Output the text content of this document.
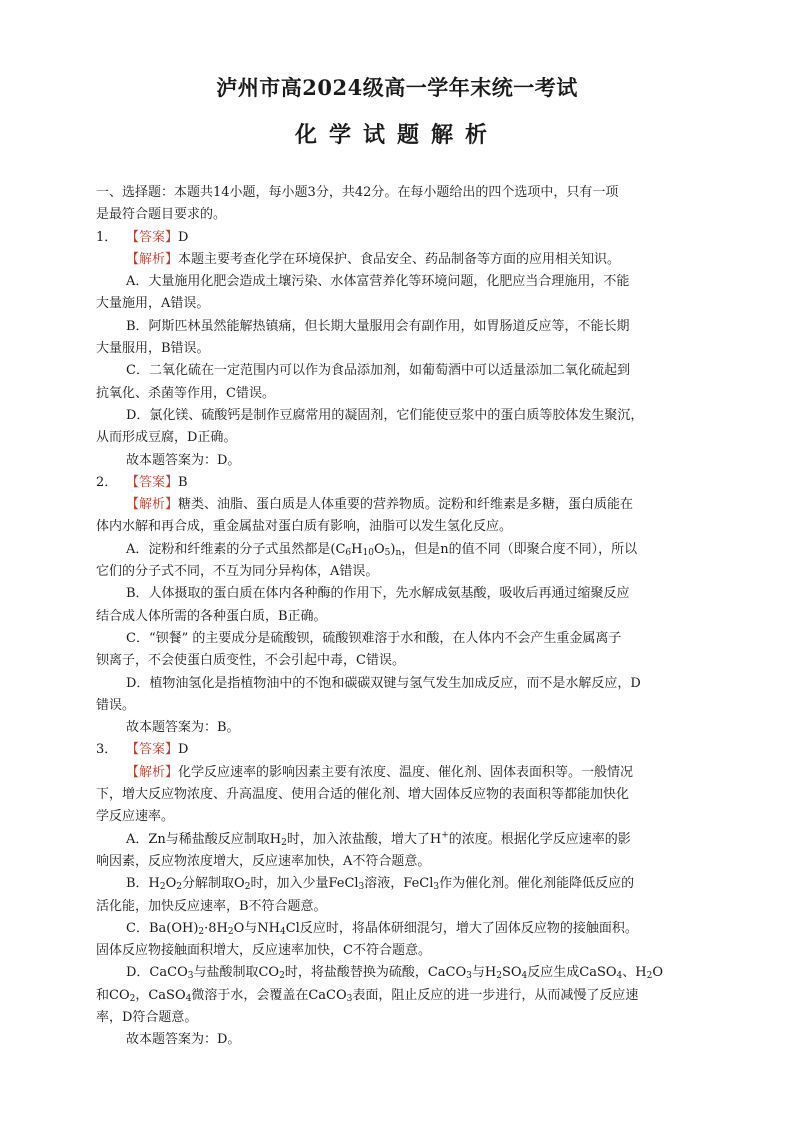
泸州市高2024级高一学年末统一考试
化学试题解析
一、选择题：本题共14小题，每小题3分，共42分。在每小题给出的四个选项中，只有一项
是最符合题目要求的。
1． 【答案】D
【解析】本题主要考查化学在环境保护、食品安全、药品制备等方面的应用相关知识。
A．大量施用化肥会造成土壤污染、水体富营养化等环境问题，化肥应当合理施用，不能
大量施用，A错误。
B．阿斯匹林虽然能解热镇痛，但长期大量服用会有副作用，如胃肠道反应等，不能长期
大量服用，B错误。
C．二氧化硫在一定范围内可以作为食品添加剂，如葡萄酒中可以适量添加二氧化硫起到
抗氧化、杀菌等作用，C错误。
D．氯化镁、硫酸钙是制作豆腐常用的凝固剂，它们能使豆浆中的蛋白质等胶体发生聚沉，
从而形成豆腐，D正确。
故本题答案为：D。
2． 【答案】B
【解析】糖类、油脂、蛋白质是人体重要的营养物质。淀粉和纤维素是多糖，蛋白质能在
体内水解和再合成，重金属盐对蛋白质有影响，油脂可以发生氢化反应。
A．淀粉和纤维素的分子式虽然都是$(C_6H_{10}O_5)_n$，但是n的值不同（即聚合度不同），所以
它们的分子式不同，不互为同分异构体，A错误。
B．人体摄取的蛋白质在体内各种酶的作用下，先水解成氨基酸，吸收后再通过缩聚反应
结合成人体所需的各种蛋白质，B正确。
C．“钡餐” 的主要成分是硫酸钡，硫酸钡难溶于水和酸，在人体内不会产生重金属离子
钡离子，不会使蛋白质变性，不会引起中毒，C错误。
D．植物油氢化是指植物油中的不饱和碳碳双键与氢气发生加成反应，而不是水解反应，D
错误。
故本题答案为：B。
3． 【答案】D
【解析】化学反应速率的影响因素主要有浓度、温度、催化剂、固体表面积等。一般情况
下，增大反应物浓度、升高温度、使用合适的催化剂、增大固体反应物的表面积等都能加快化
学反应速率。
A．Zn与稀盐酸反应制取$H_2$时，加入浓盐酸，增大了H+的浓度。根据化学反应速率的影
响因素，反应物浓度增大，反应速率加快，A不符合题意。
B．$H_2O_2$分解制取$O_2$时，加入少量FeCl$_3$溶液，FeCl$_3$作为催化剂。催化剂能降低反应的
活化能，加快反应速率，B不符合题意。
C．$Ba(OH)_2\cdot 8H_2O$与$NH_4Cl$反应时，将晶体研细混匀，增大了固体反应物的接触面积。
固体反应物接触面积增大，反应速率加快，C不符合题意。
D．CaCO$_3$与盐酸制取$CO_2$时，将盐酸替换为硫酸，CaCO$_3$与$H_2SO_4$反应生成CaSO$_4$、$H_2O$
和$CO_2$，CaSO$_4$微溶于水，会覆盖在CaCO$_3$表面，阻止反应的进一步进行，从而减慢了反应速
率，D符合题意。
故本题答案为：D。
